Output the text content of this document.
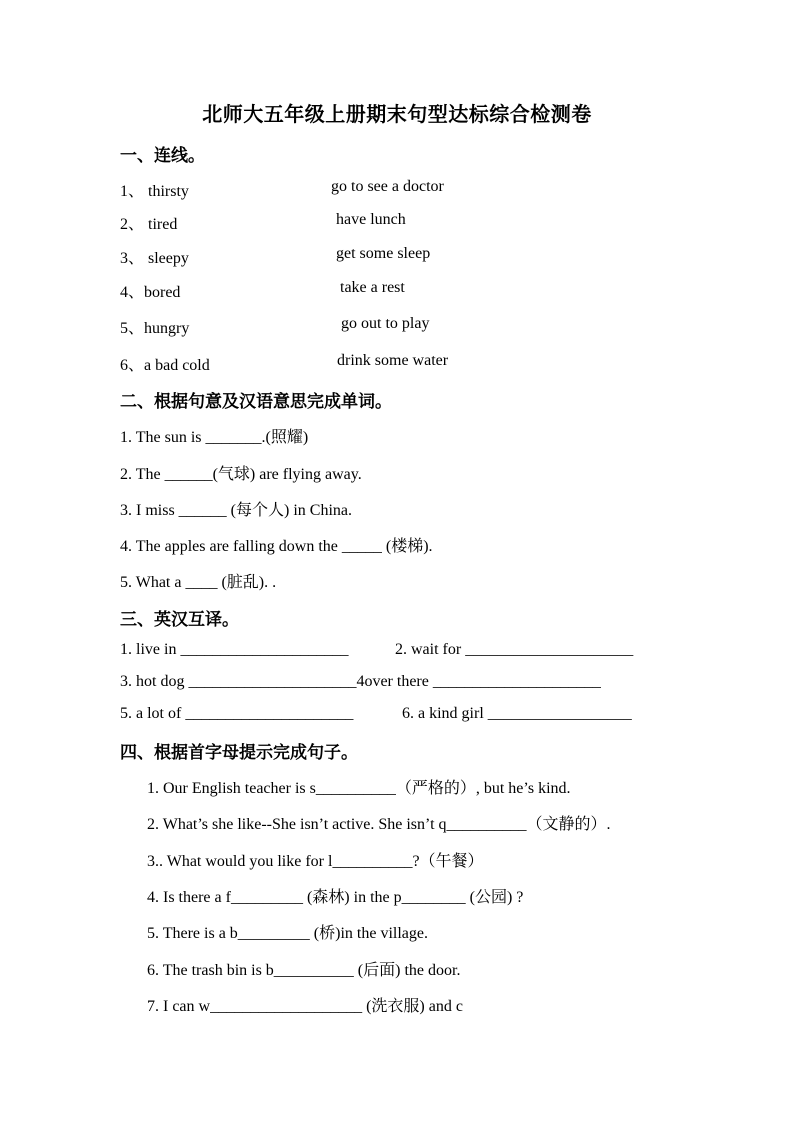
北师大五年级上册期末句型达标综合检测卷
一、连线。
1、 thirsty	go to see a doctor
2、 tired	have lunch
3、 sleepy	get some sleep
4、bored	take a rest
5、hungry	go out to play
6、a bad cold	drink some water
二、根据句意及汉语意思完成单词。
1. The sun is _______.(照耀)
2. The ______(气球) are flying away.
3. I miss ______ (每个人) in China.
4. The apples are falling down the _____ (楼梯).
5. What a ____ (脏乱). .
三、英汉互译。
1. live in _____________________	2. wait for _____________________
3. hot dog _____________________4over there _____________________
5. a lot of _____________________	6. a kind girl __________________
四、根据首字母提示完成句子。
1. Our English teacher is s__________（严格的）, but he’s kind.
2. What’s she like--She isn’t active. She isn’t q__________（文静的）.
3.. What would you like for l__________?（午餐）
4. Is there a f_________ (森林) in the p________ (公园) ?
5. There is a b_________ (桥)in the village.
6. The trash bin is b__________ (后面) the door.
7. I can w___________________ (洗衣服) and c
